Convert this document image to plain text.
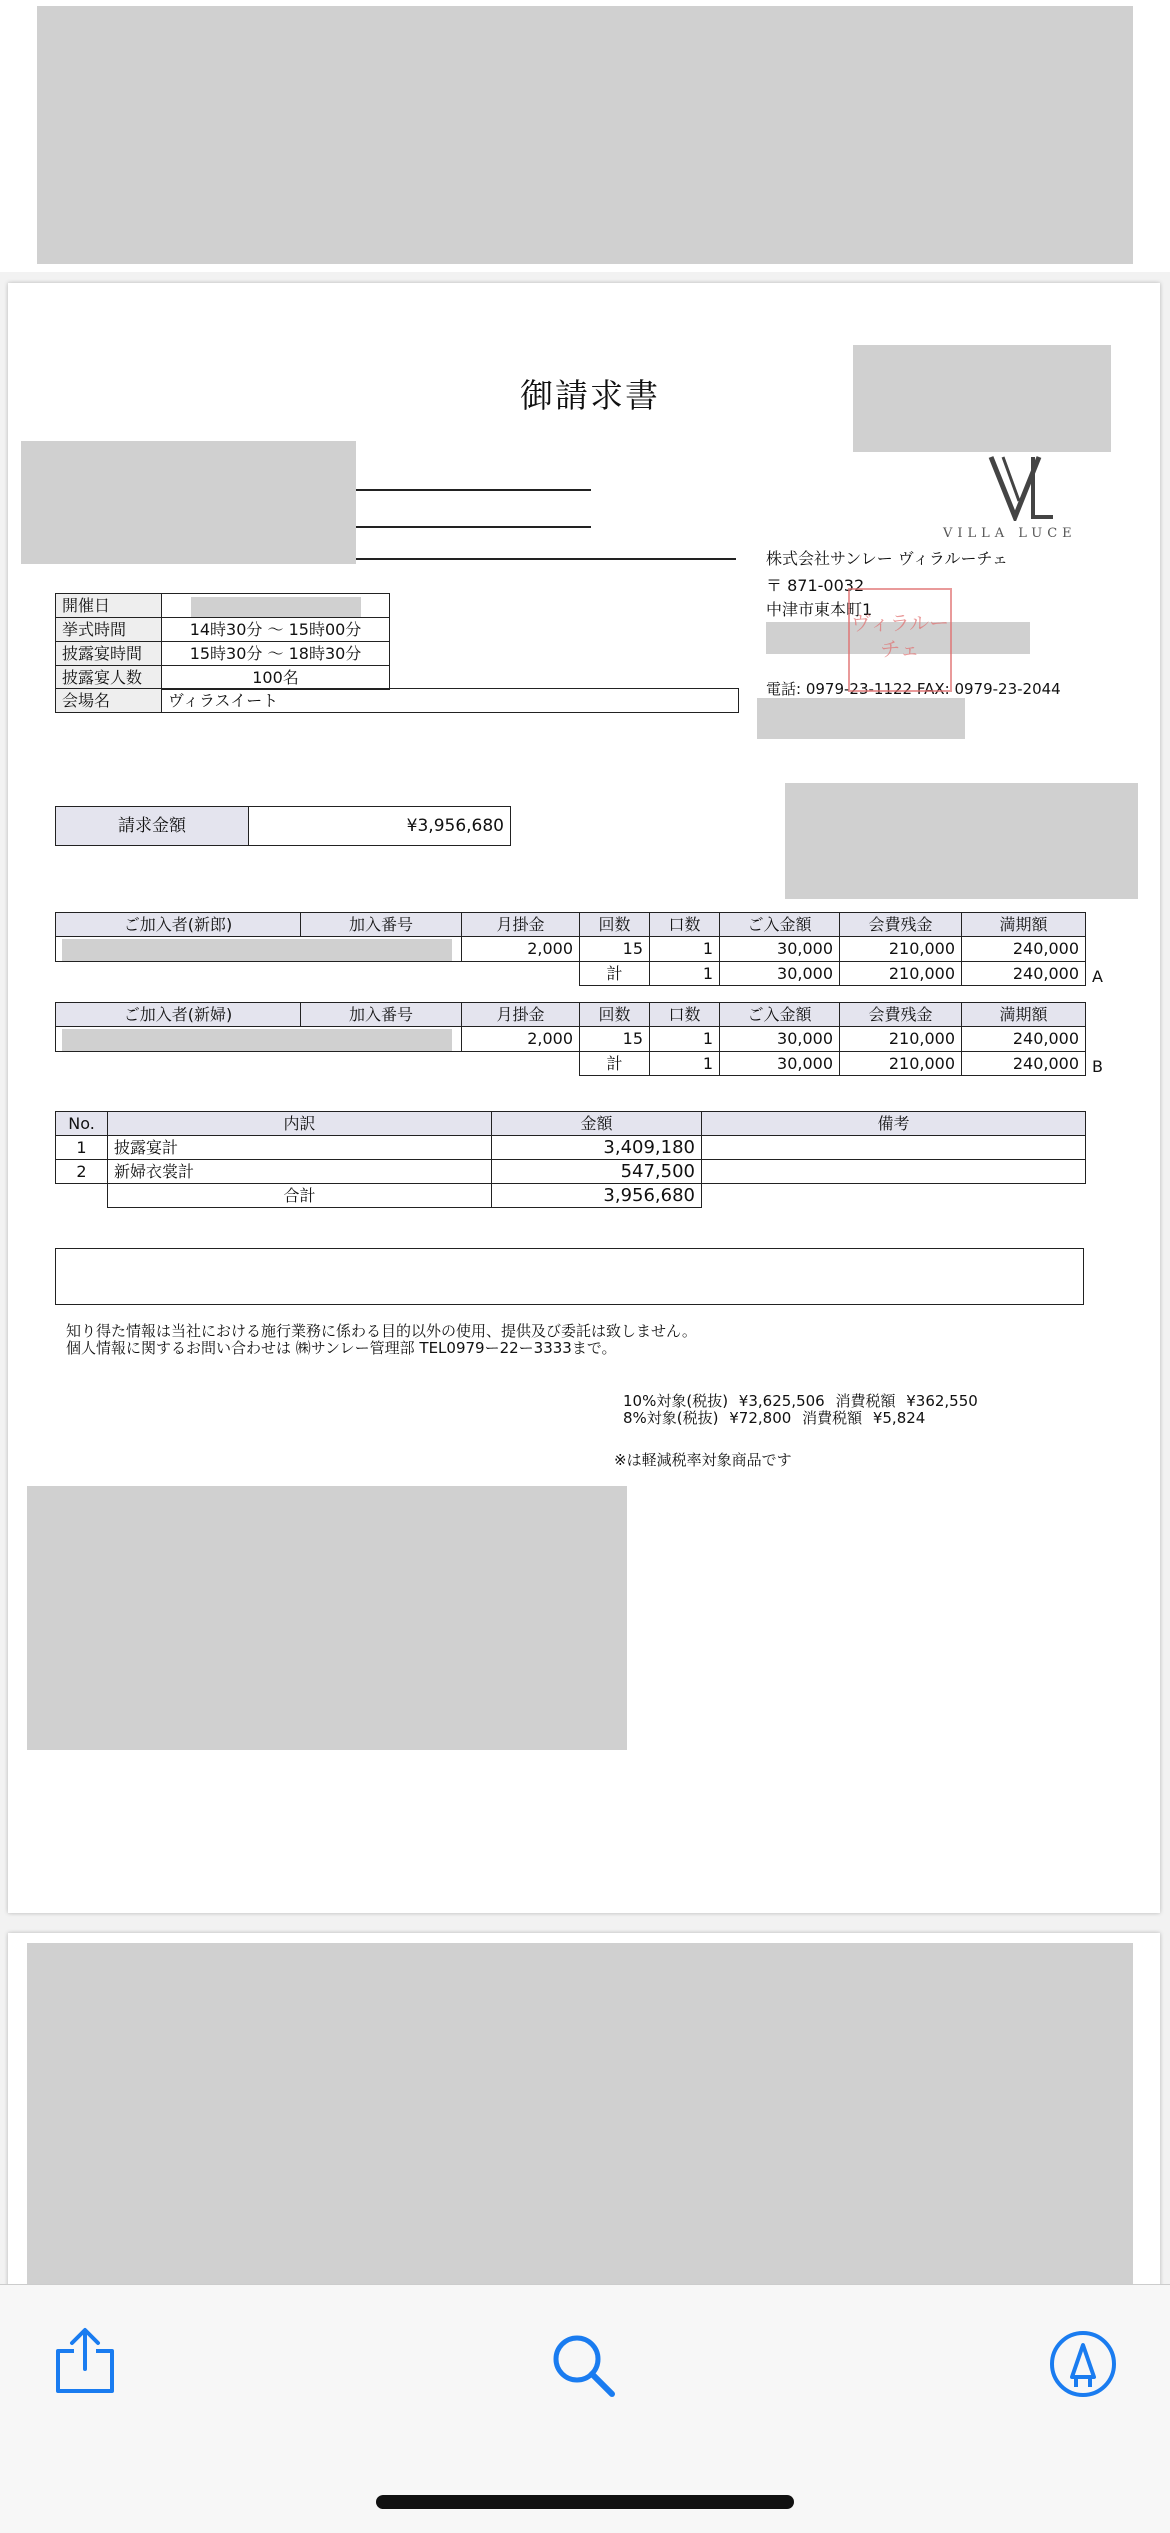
御請求書
VILLA LUCE
株式会社サンレー ヴィラルーチェ
〒 871-0032
中津市東本町1
電話: 0979-23-1122 FAX: 0979-23-2044
ヴィラルーチェ
開催日	
挙式時間	14時30分 ～ 15時00分
披露宴時間	15時30分 ～ 18時30分
披露宴人数	100名
会場名	ヴィラスイート
請求金額	¥3,956,680
ご加入者(新郎)	加入番号	月掛金	回数	口数	ご入金額	会費残金	満期額
		2,000	15	1	30,000	210,000	240,000
			計	1	30,000	210,000	240,000 A
ご加入者(新婦)	加入番号	月掛金	回数	口数	ご入金額	会費残金	満期額
		2,000	15	1	30,000	210,000	240,000
			計	1	30,000	210,000	240,000 B
No.	内訳	金額	備考
1	披露宴計	3,409,180	
2	新婦衣裳計	547,500	
	合計	3,956,680	
知り得た情報は当社における施行業務に係わる目的以外の使用、提供及び委託は致しません。
個人情報に関するお問い合わせは ㈱サンレー管理部 TEL0979ー22ー3333まで。
10%対象(税抜) ¥3,625,506 消費税額 ¥362,550
8%対象(税抜) ¥72,800 消費税額 ¥5,824
※は軽減税率対象商品です
